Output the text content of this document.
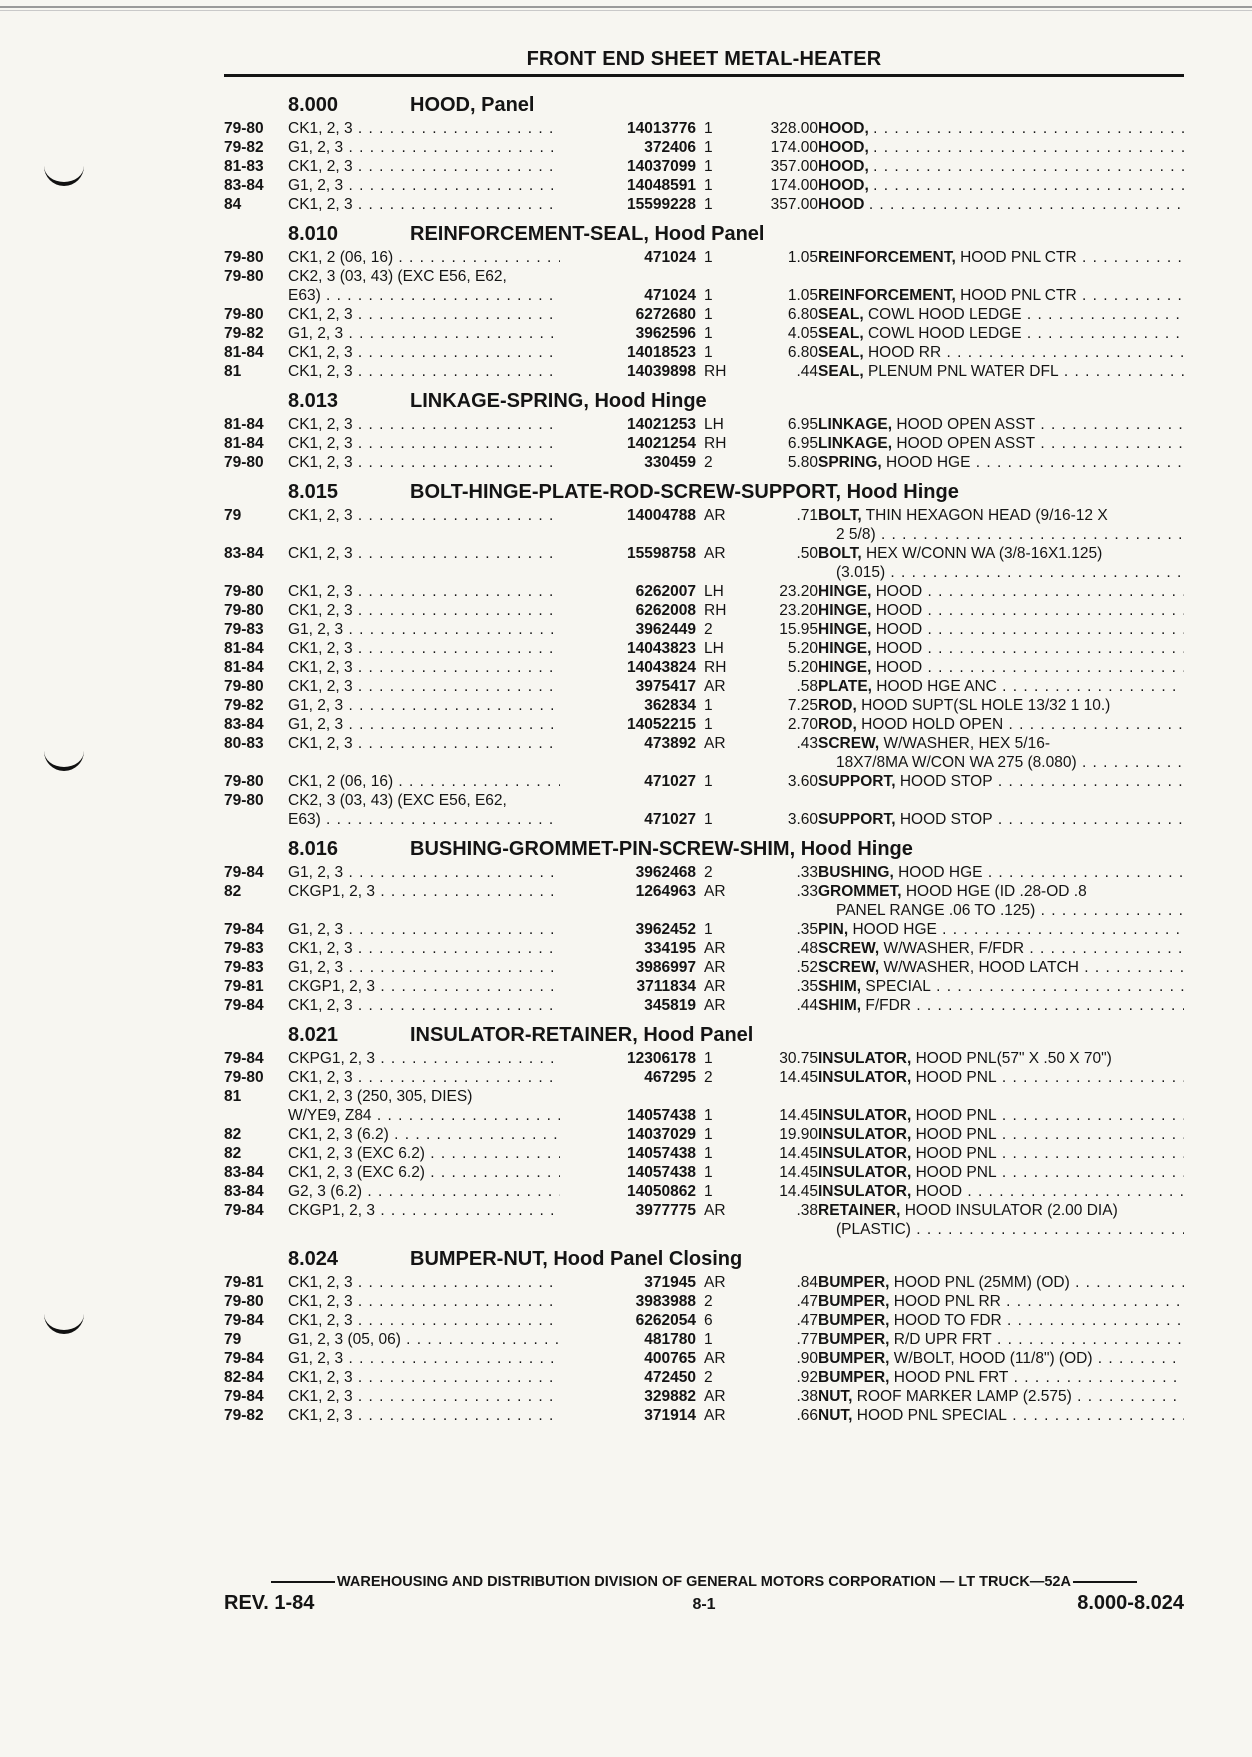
FRONT END SHEET METAL-HEATER
8.000	HOOD, Panel
79-80 CK1, 2, 3 . . .	14013776 1	328.00 HOOD, . . .
79-82 G1, 2, 3 . . .	372406 1	174.00 HOOD, . . .
81-83 CK1, 2, 3 . . .	14037099 1	357.00 HOOD, . . .
83-84 G1, 2, 3 . . .	14048591 1	174.00 HOOD, . . .
84	CK1, 2, 3 . . .	15599228 1	357.00 HOOD . . .
8.010	REINFORCEMENT-SEAL, Hood Panel
79-80 CK1, 2 (06, 16) . . .	471024 1	1.05 REINFORCEMENT, HOOD PNL CTR . . .
79-80 CK2, 3 (03, 43) (EXC E56, E62,
E63) . . .	471024 1	1.05 REINFORCEMENT, HOOD PNL CTR . . .
79-80 CK1, 2, 3 . . .	6272680 1	6.80 SEAL, COWL HOOD LEDGE . . .
79-82 G1, 2, 3 . . .	3962596 1	4.05 SEAL, COWL HOOD LEDGE . . .
81-84 CK1, 2, 3 . . .	14018523 1	6.80 SEAL, HOOD RR . . .
81	CK1, 2, 3 . . .	14039898 RH	.44 SEAL, PLENUM PNL WATER DFL . . .
8.013	LINKAGE-SPRING, Hood Hinge
81-84 CK1, 2, 3 . . .	14021253 LH	6.95 LINKAGE, HOOD OPEN ASST . . .
81-84 CK1, 2, 3 . . .	14021254 RH	6.95 LINKAGE, HOOD OPEN ASST . . .
79-80 CK1, 2, 3 . . .	330459 2	5.80 SPRING, HOOD HGE . . .
8.015	BOLT-HINGE-PLATE-ROD-SCREW-SUPPORT, Hood Hinge
79	CK1, 2, 3 . . .	14004788 AR	.71 BOLT, THIN HEXAGON HEAD (9/16-12 X
2 5/8) . . .
83-84 CK1, 2, 3 . . .	15598758 AR	.50 BOLT, HEX W/CONN WA (3/8-16X1.125)
(3.015) . . .
79-80 CK1, 2, 3 . . .	6262007 LH	23.20 HINGE, HOOD . . .
79-80 CK1, 2, 3 . . .	6262008 RH	23.20 HINGE, HOOD . . .
79-83 G1, 2, 3 . . .	3962449 2	15.95 HINGE, HOOD . . .
81-84 CK1, 2, 3 . . .	14043823 LH	5.20 HINGE, HOOD . . .
81-84 CK1, 2, 3 . . .	14043824 RH	5.20 HINGE, HOOD . . .
79-80 CK1, 2, 3 . . .	3975417 AR	.58 PLATE, HOOD HGE ANC . . .
79-82 G1, 2, 3 . . .	362834 1	7.25 ROD, HOOD SUPT(SL HOLE 13/32 1 10.)
83-84 G1, 2, 3 . . .	14052215 1	2.70 ROD, HOOD HOLD OPEN . . .
80-83 CK1, 2, 3 . . .	473892 AR	.43 SCREW, W/WASHER, HEX 5/16-
18X7/8MA W/CON WA 275 (8.080) . . .
79-80 CK1, 2 (06, 16) . . .	471027 1	3.60 SUPPORT, HOOD STOP . . .
79-80 CK2, 3 (03, 43) (EXC E56, E62,
E63) . . .	471027 1	3.60 SUPPORT, HOOD STOP . . .
8.016	BUSHING-GROMMET-PIN-SCREW-SHIM, Hood Hinge
79-84 G1, 2, 3 . . .	3962468 2	.33 BUSHING, HOOD HGE . . .
82	CKGP1, 2, 3 . . .	1264963 AR	.33 GROMMET, HOOD HGE (ID .28-OD .8
PANEL RANGE .06 TO .125) . . .
79-84 G1, 2, 3 . . .	3962452 1	.35 PIN, HOOD HGE . . .
79-83 CK1, 2, 3 . . .	334195 AR	.48 SCREW, W/WASHER, F/FDR . . .
79-83 G1, 2, 3 . . .	3986997 AR	.52 SCREW, W/WASHER, HOOD LATCH . . .
79-81 CKGP1, 2, 3 . . .	3711834 AR	.35 SHIM, SPECIAL . . .
79-84 CK1, 2, 3 . . .	345819 AR	.44 SHIM, F/FDR . . .
8.021	INSULATOR-RETAINER, Hood Panel
79-84 CKPG1, 2, 3 . . .	12306178 1	30.75 INSULATOR, HOOD PNL(57" X .50 X 70")
79-80 CK1, 2, 3 . . .	467295 2	14.45 INSULATOR, HOOD PNL . . .
81	CK1, 2, 3 (250, 305, DIES)
W/YE9, Z84 . . .	14057438 1	14.45 INSULATOR, HOOD PNL . . .
82	CK1, 2, 3 (6.2) . . .	14037029 1	19.90 INSULATOR, HOOD PNL . . .
82	CK1, 2, 3 (EXC 6.2) . . .	14057438 1	14.45 INSULATOR, HOOD PNL . . .
83-84 CK1, 2, 3 (EXC 6.2) . . .	14057438 1	14.45 INSULATOR, HOOD PNL . . .
83-84 G2, 3 (6.2) . . .	14050862 1	14.45 INSULATOR, HOOD . . .
79-84 CKGP1, 2, 3 . . .	3977775 AR	.38 RETAINER, HOOD INSULATOR (2.00 DIA)
(PLASTIC) . . .
8.024	BUMPER-NUT, Hood Panel Closing
79-81 CK1, 2, 3 . . .	371945 AR	.84 BUMPER, HOOD PNL (25MM) (OD) . . .
79-80 CK1, 2, 3 . . .	3983988 2	.47 BUMPER, HOOD PNL RR . . .
79-84 CK1, 2, 3 . . .	6262054 6	.47 BUMPER, HOOD TO FDR . . .
79	G1, 2, 3 (05, 06) . . .	481780 1	.77 BUMPER, R/D UPR FRT . . .
79-84 G1, 2, 3 . . .	400765 AR	.90 BUMPER, W/BOLT, HOOD (11/8") (OD) . . .
82-84 CK1, 2, 3 . . .	472450 2	.92 BUMPER, HOOD PNL FRT . . .
79-84 CK1, 2, 3 . . .	329882 AR	.38 NUT, ROOF MARKER LAMP (2.575) . . .
79-82 CK1, 2, 3 . . .	371914 AR	.66 NUT, HOOD PNL SPECIAL . . .
WAREHOUSING AND DISTRIBUTION DIVISION OF GENERAL MOTORS CORPORATION — LT TRUCK—52A
REV. 1-84	8-1	8.000-8.024
